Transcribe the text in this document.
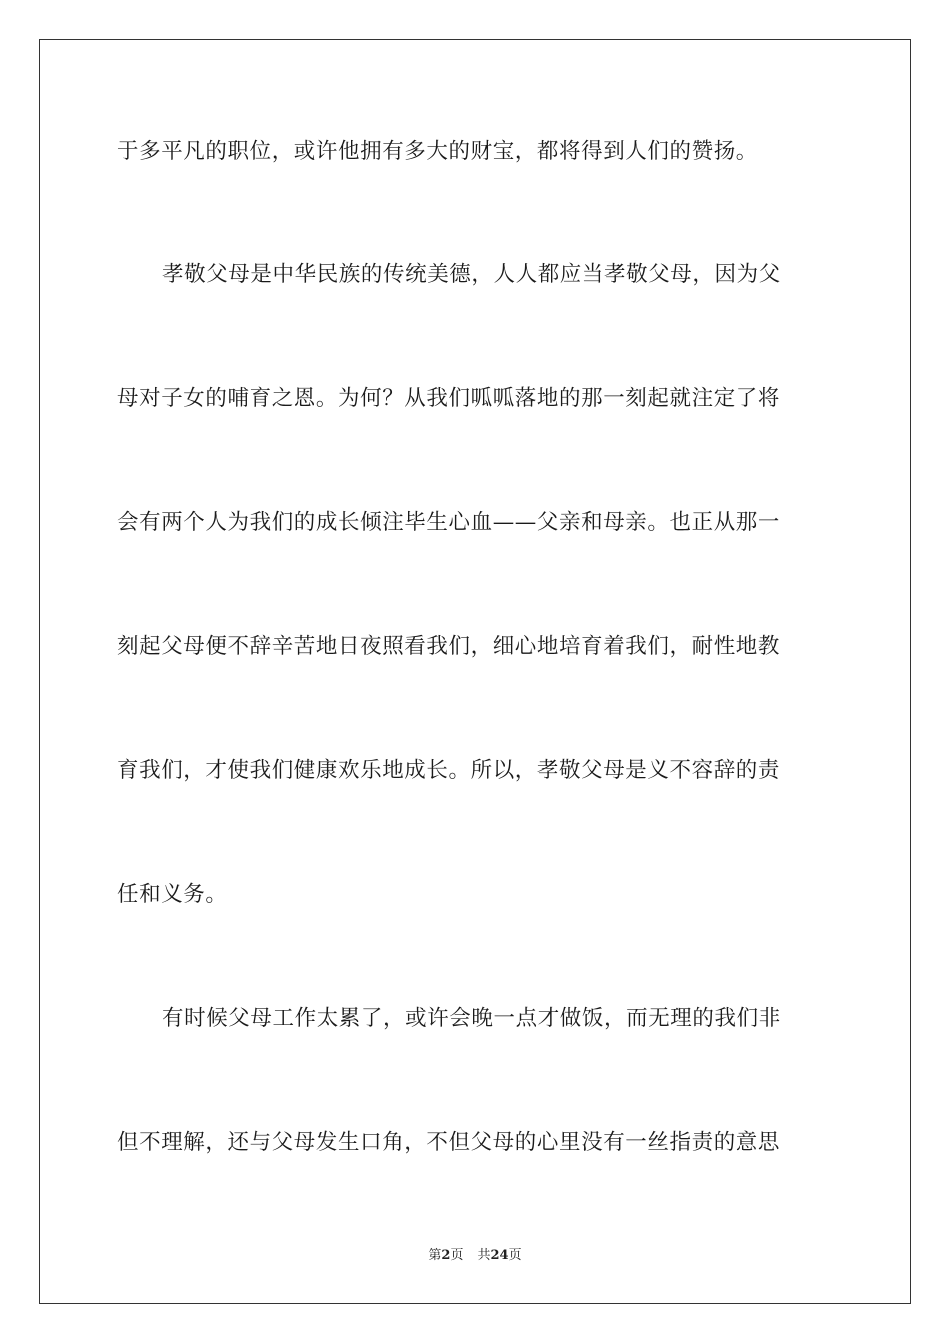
于多平凡的职位，或许他拥有多大的财宝，都将得到人们的赞扬。
孝敬父母是中华民族的传统美德，人人都应当孝敬父母，因为父
母对子女的哺育之恩。为何？从我们呱呱落地的那一刻起就注定了将
会有两个人为我们的成长倾注毕生心血——父亲和母亲。也正从那一
刻起父母便不辞辛苦地日夜照看我们，细心地培育着我们，耐性地教
育我们，才使我们健康欢乐地成长。所以，孝敬父母是义不容辞的责
任和义务。
有时候父母工作太累了，或许会晚一点才做饭，而无理的我们非
但不理解，还与父母发生口角，不但父母的心里没有一丝指责的意思
第2页 共24页
